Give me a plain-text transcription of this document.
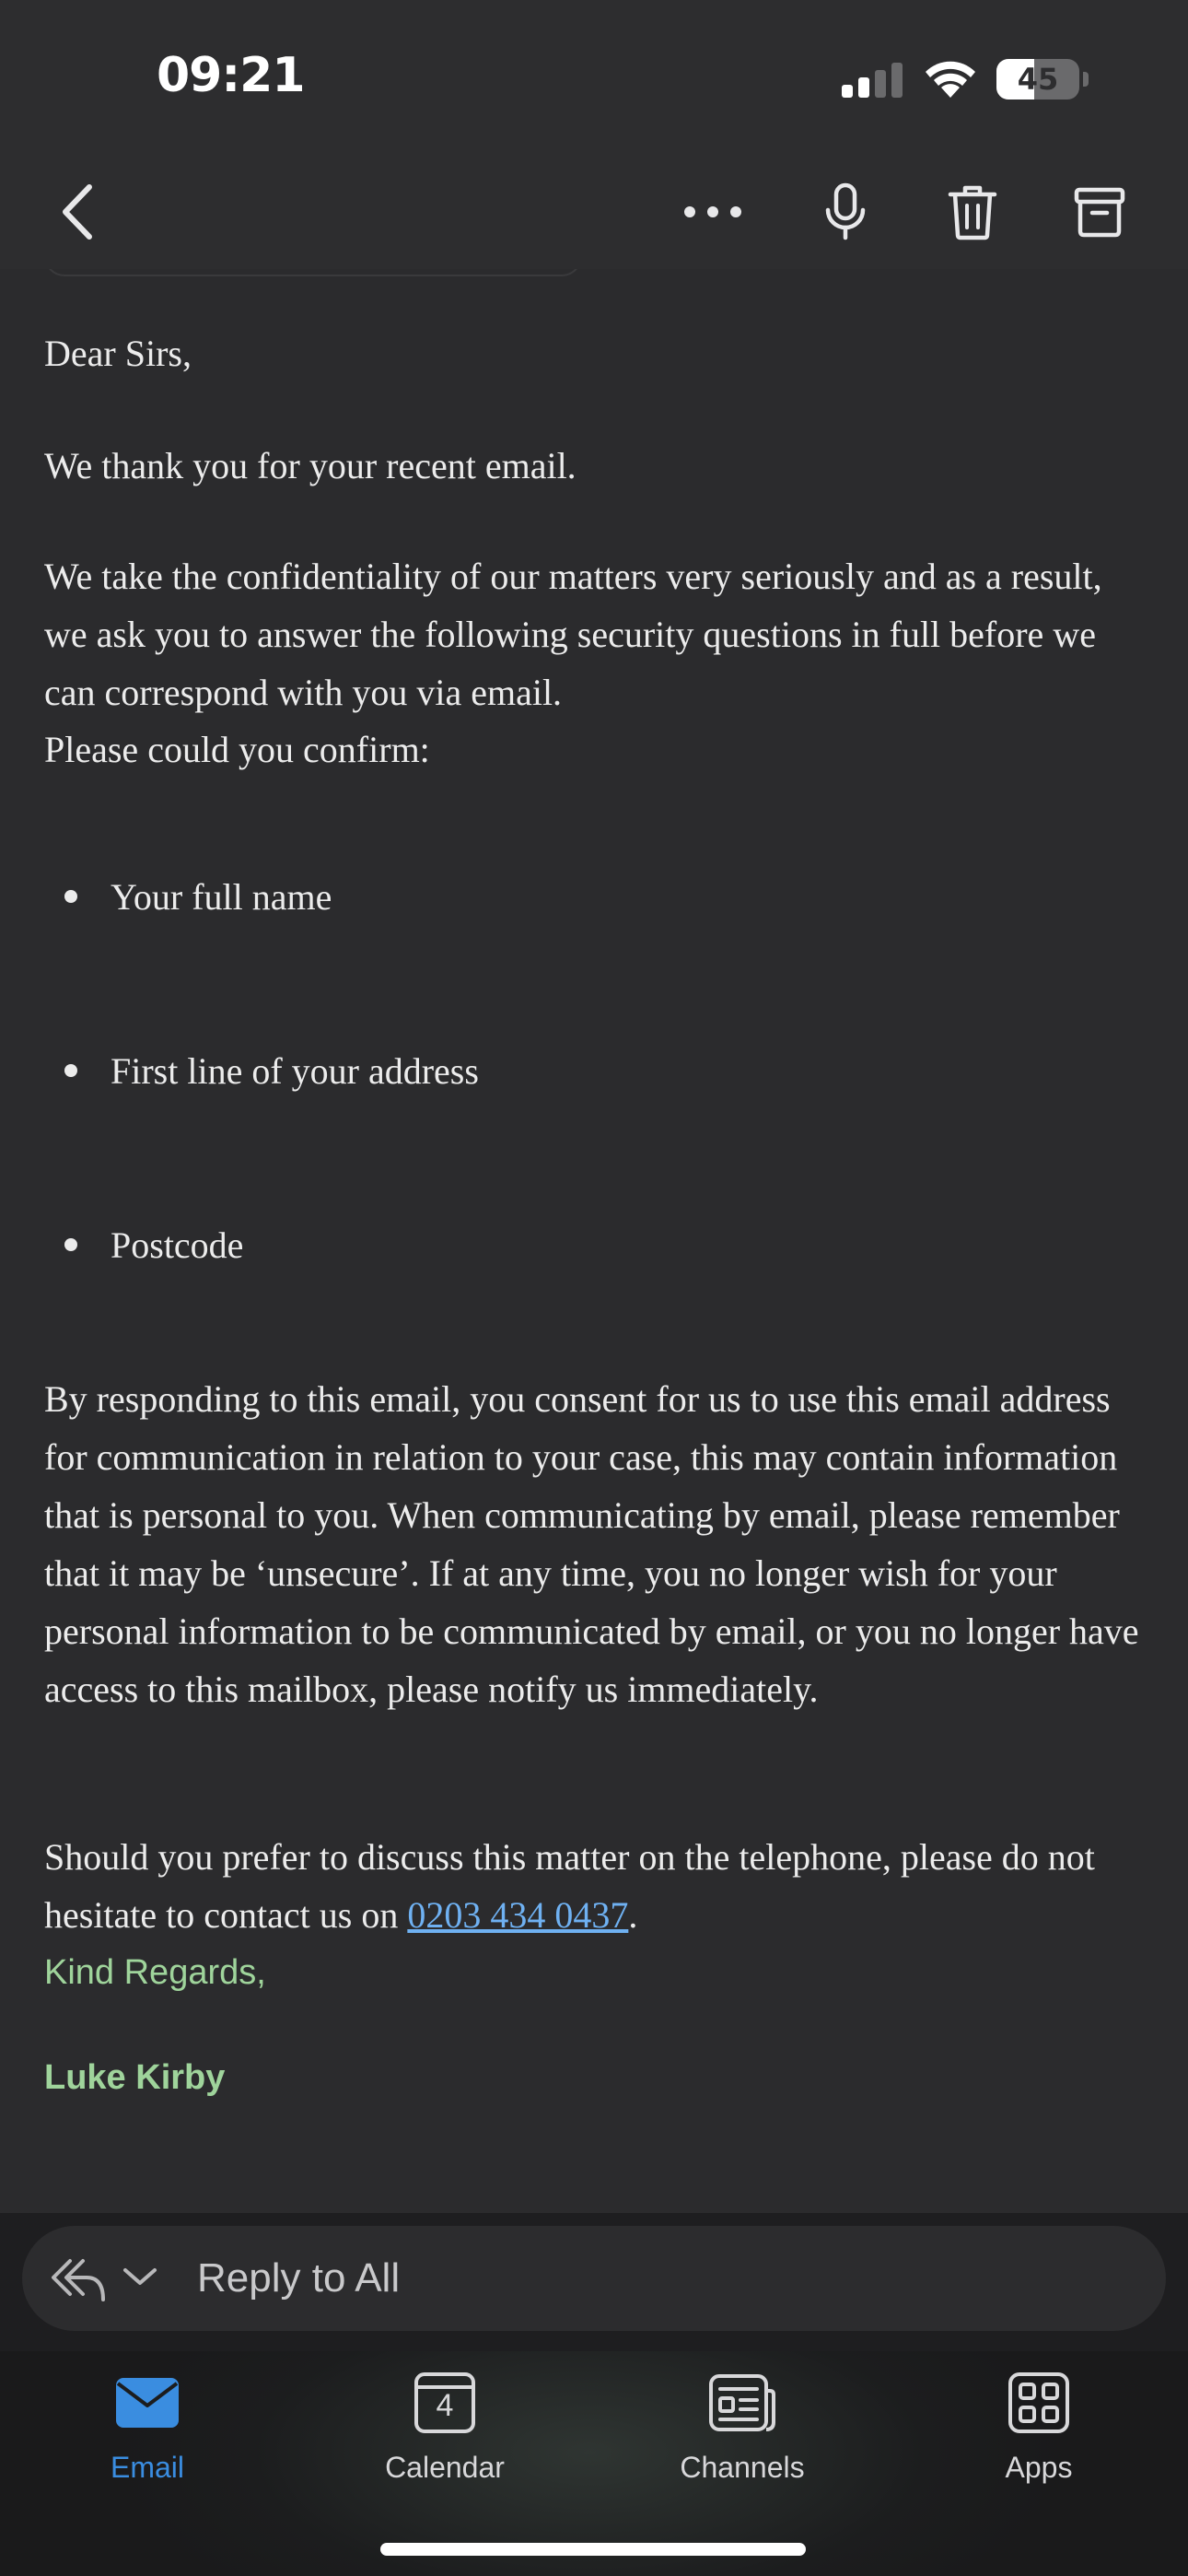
09:21	45

Dear Sirs,

We thank you for your recent email.

We take the confidentiality of our matters very seriously and as a result, we ask you to answer the following security questions in full before we can correspond with you via email.

Please could you confirm:

Your full name
First line of your address
Postcode

By responding to this email, you consent for us to use this email address for communication in relation to your case, this may contain information that is personal to you. When communicating by email, please remember that it may be ‘unsecure’. If at any time, you no longer wish for your personal information to be communicated by email, or you no longer have access to this mailbox, please notify us immediately.

Should you prefer to discuss this matter on the telephone, please do not hesitate to contact us on 0203 434 0437.

Kind Regards,
Luke Kirby
Reply to All
Email
4
Calendar	Channels	Apps
